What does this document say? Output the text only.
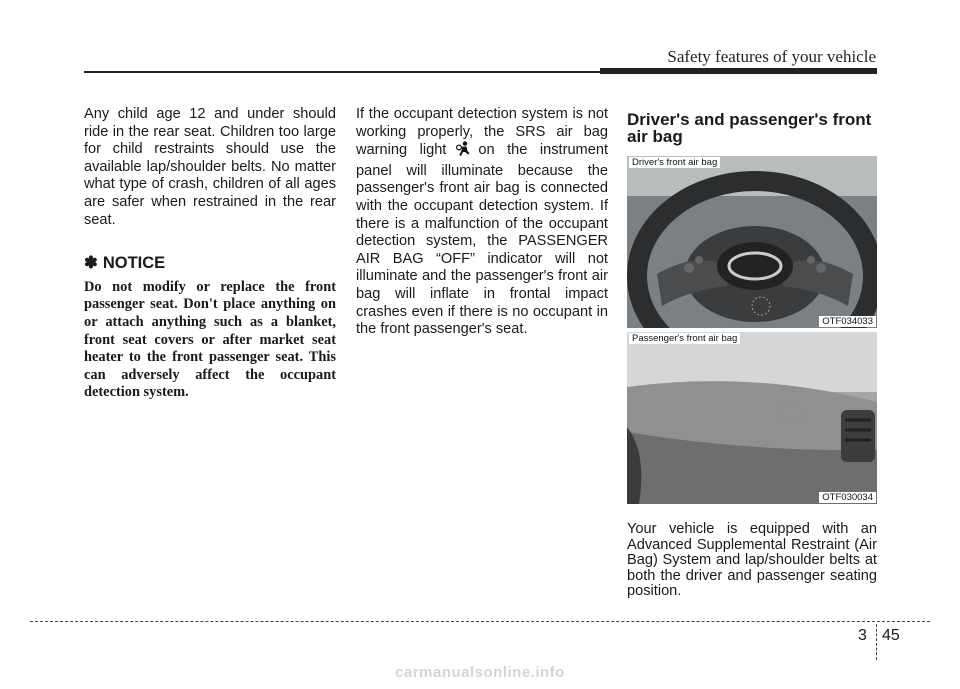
Safety features of your vehicle
Any child age 12 and under should ride in the rear seat. Children too large for child restraints should use the available lap/shoulder belts. No matter what type of crash, children of all ages are safer when restrained in the rear seat.
✽ NOTICE
Do not modify or replace the front passenger seat. Don't place anything on or attach anything such as a blanket, front seat covers or after market seat heater to the front passenger seat. This can adversely affect the occupant detection system.
If the occupant detection system is not working properly, the SRS air bag warning light on the instrument panel will illuminate because the passenger's front air bag is connected with the occupant detection system. If there is a malfunction of the occupant detection system, the PASSENGER AIR BAG “OFF” indicator will not illuminate and the passenger's front air bag will inflate in frontal impact crashes even if there is no occupant in the front passenger's seat.
Driver's and passenger's front air bag
Driver's front air bag
OTF034033
Passenger's front air bag
OTF030034
Your vehicle is equipped with an Advanced Supplemental Restraint (Air Bag) System and lap/shoulder belts at both the driver and passenger seating position.
3 45
carmanualsonline.info
